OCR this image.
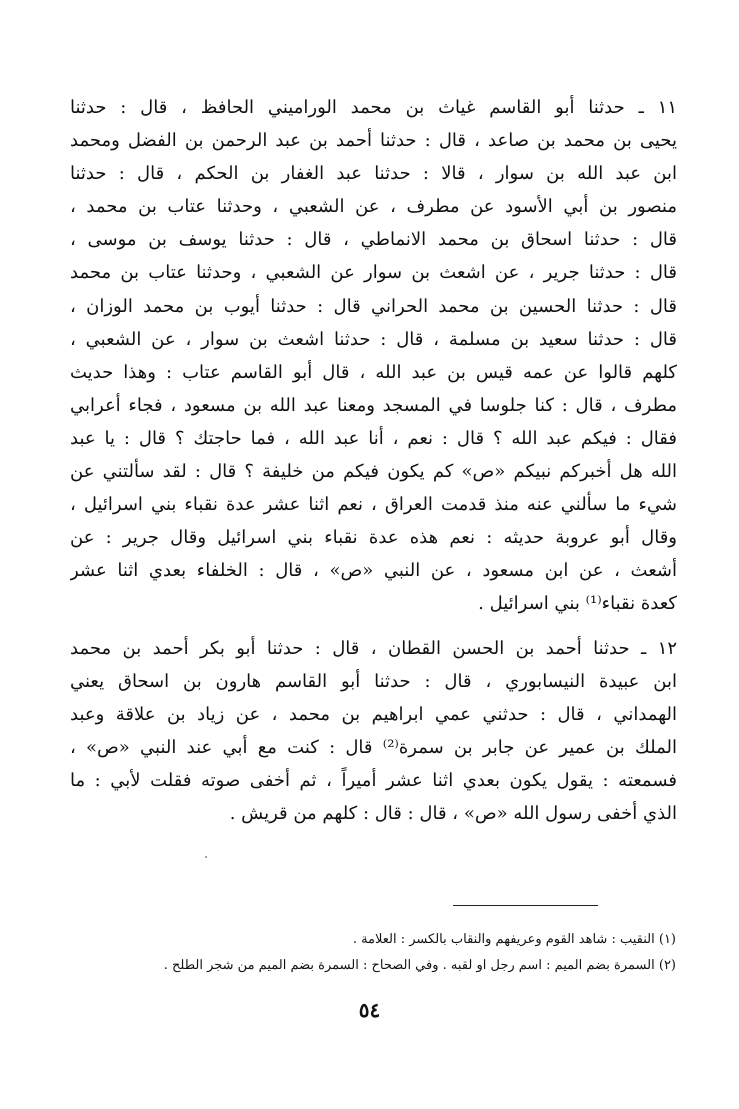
١١ ـ حدثنا أبو القاسم غياث بن محمد الوراميني الحافظ ، قال : حدثنا
يحيى بن محمد بن صاعد ، قال : حدثنا أحمد بن عبد الرحمن بن الفضل ومحمد
ابن عبد الله بن سوار ، قالا : حدثنا عبد الغفار بن الحكم ، قال : حدثنا
منصور بن أبي الأسود عن مطرف ، عن الشعبي ، وحدثنا عتاب بن محمد ،
قال : حدثنا اسحاق بن محمد الانماطي ، قال : حدثنا يوسف بن موسى ،
قال : حدثنا جرير ، عن اشعث بن سوار عن الشعبي ، وحدثنا عتاب بن محمد
قال : حدثنا الحسين بن محمد الحراني قال : حدثنا أيوب بن محمد الوزان ،
قال : حدثنا سعيد بن مسلمة ، قال : حدثنا اشعث بن سوار ، عن الشعبي ،
كلهم قالوا عن عمه قيس بن عبد الله ، قال أبو القاسم عتاب : وهذا حديث
مطرف ، قال : كنا جلوسا في المسجد ومعنا عبد الله بن مسعود ، فجاء أعرابي
فقال : فيكم عبد الله ؟ قال : نعم ، أنا عبد الله ، فما حاجتك ؟ قال : يا عبد
الله هل أخبركم نبيكم «ص» كم يكون فيكم من خليفة ؟ قال : لقد سألتني عن
شيء ما سألني عنه منذ قدمت العراق ، نعم اثنا عشر عدة نقباء بني اسرائيل ،
وقال أبو عروبة حديثه : نعم هذه عدة نقباء بني اسرائيل وقال جرير : عن
أشعث ، عن ابن مسعود ، عن النبي «ص» ، قال : الخلفاء بعدي اثنا عشر
كعدة نقباء⁽¹⁾ بني اسرائيل .
١٢ ـ حدثنا أحمد بن الحسن القطان ، قال : حدثنا أبو بكر أحمد بن محمد
ابن عبيدة النيسابوري ، قال : حدثنا أبو القاسم هارون بن اسحاق يعني
الهمداني ، قال : حدثني عمي ابراهيم بن محمد ، عن زياد بن علاقة وعبد
الملك بن عمير عن جابر بن سمرة⁽²⁾ قال : كنت مع أبي عند النبي «ص» ،
فسمعته : يقول يكون بعدي اثنا عشر أميراً ، ثم أخفى صوته فقلت لأبي : ما
الذي أخفى رسول الله «ص» ، قال : قال : كلهم من قريش .
(١) النقيب : شاهد القوم وعريفهم والنقاب بالكسر : العلامة .
(٢) السمرة بضم الميم : اسم رجل او لقبه . وفي الصحاح : السمرة بضم الميم من شجر الطلح .
٥٤
